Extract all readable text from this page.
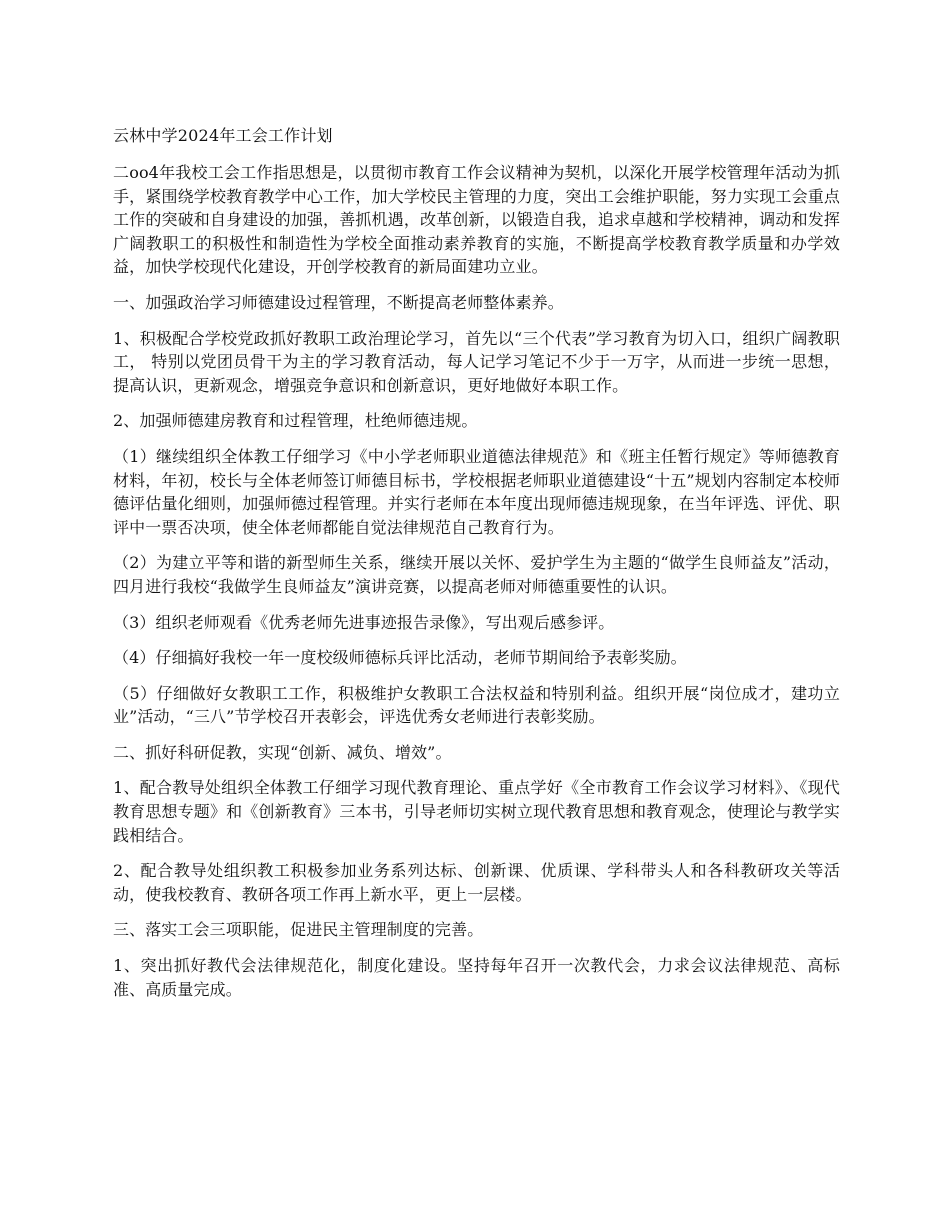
云林中学2024年工会工作计划

二oo4年我校工会工作指思想是，以贯彻市教育工作会议精神为契机，以深化开展学校管理年活动为抓手，紧围绕学校教育教学中心工作，加大学校民主管理的力度，突出工会维护职能，努力实现工会重点工作的突破和自身建设的加强，善抓机遇，改革创新，以锻造自我，追求卓越和学校精神，调动和发挥广阔教职工的积极性和制造性为学校全面推动素养教育的实施，不断提高学校教育教学质量和办学效益，加快学校现代化建设，开创学校教育的新局面建功立业。

一、加强政治学习师德建设过程管理，不断提高老师整体素养。

1、积极配合学校党政抓好教职工政治理论学习，首先以“三个代表”学习教育为切入口，组织广阔教职工， 特别以党团员骨干为主的学习教育活动，每人记学习笔记不少于一万字，从而进一步统一思想，提高认识，更新观念，增强竞争意识和创新意识，更好地做好本职工作。

2、加强师德建房教育和过程管理，杜绝师德违规。

（1）继续组织全体教工仔细学习《中小学老师职业道德法律规范》和《班主任暂行规定》等师德教育材料，年初，校长与全体老师签订师德目标书，学校根据老师职业道德建设“十五”规划内容制定本校师德评估量化细则，加强师德过程管理。并实行老师在本年度出现师德违规现象，在当年评选、评优、职评中一票否决项，使全体老师都能自觉法律规范自己教育行为。

（2）为建立平等和谐的新型师生关系，继续开展以关怀、爱护学生为主题的“做学生良师益友”活动，四月进行我校“我做学生良师益友”演讲竞赛，以提高老师对师德重要性的认识。

（3）组织老师观看《优秀老师先进事迹报告录像》，写出观后感参评。

（4）仔细搞好我校一年一度校级师德标兵评比活动，老师节期间给予表彰奖励。

（5）仔细做好女教职工工作，积极维护女教职工合法权益和特别利益。组织开展“岗位成才，建功立业”活动，“三八”节学校召开表彰会，评选优秀女老师进行表彰奖励。

二、抓好科研促教，实现“创新、减负、增效”。

1、配合教导处组织全体教工仔细学习现代教育理论、重点学好《全市教育工作会议学习材料》、《现代教育思想专题》和《创新教育》三本书，引导老师切实树立现代教育思想和教育观念，使理论与教学实践相结合。

2、配合教导处组织教工积极参加业务系列达标、创新课、优质课、学科带头人和各科教研攻关等活动，使我校教育、教研各项工作再上新水平，更上一层楼。

三、落实工会三项职能，促进民主管理制度的完善。

1、突出抓好教代会法律规范化，制度化建设。坚持每年召开一次教代会，力求会议法律规范、高标准、高质量完成。
